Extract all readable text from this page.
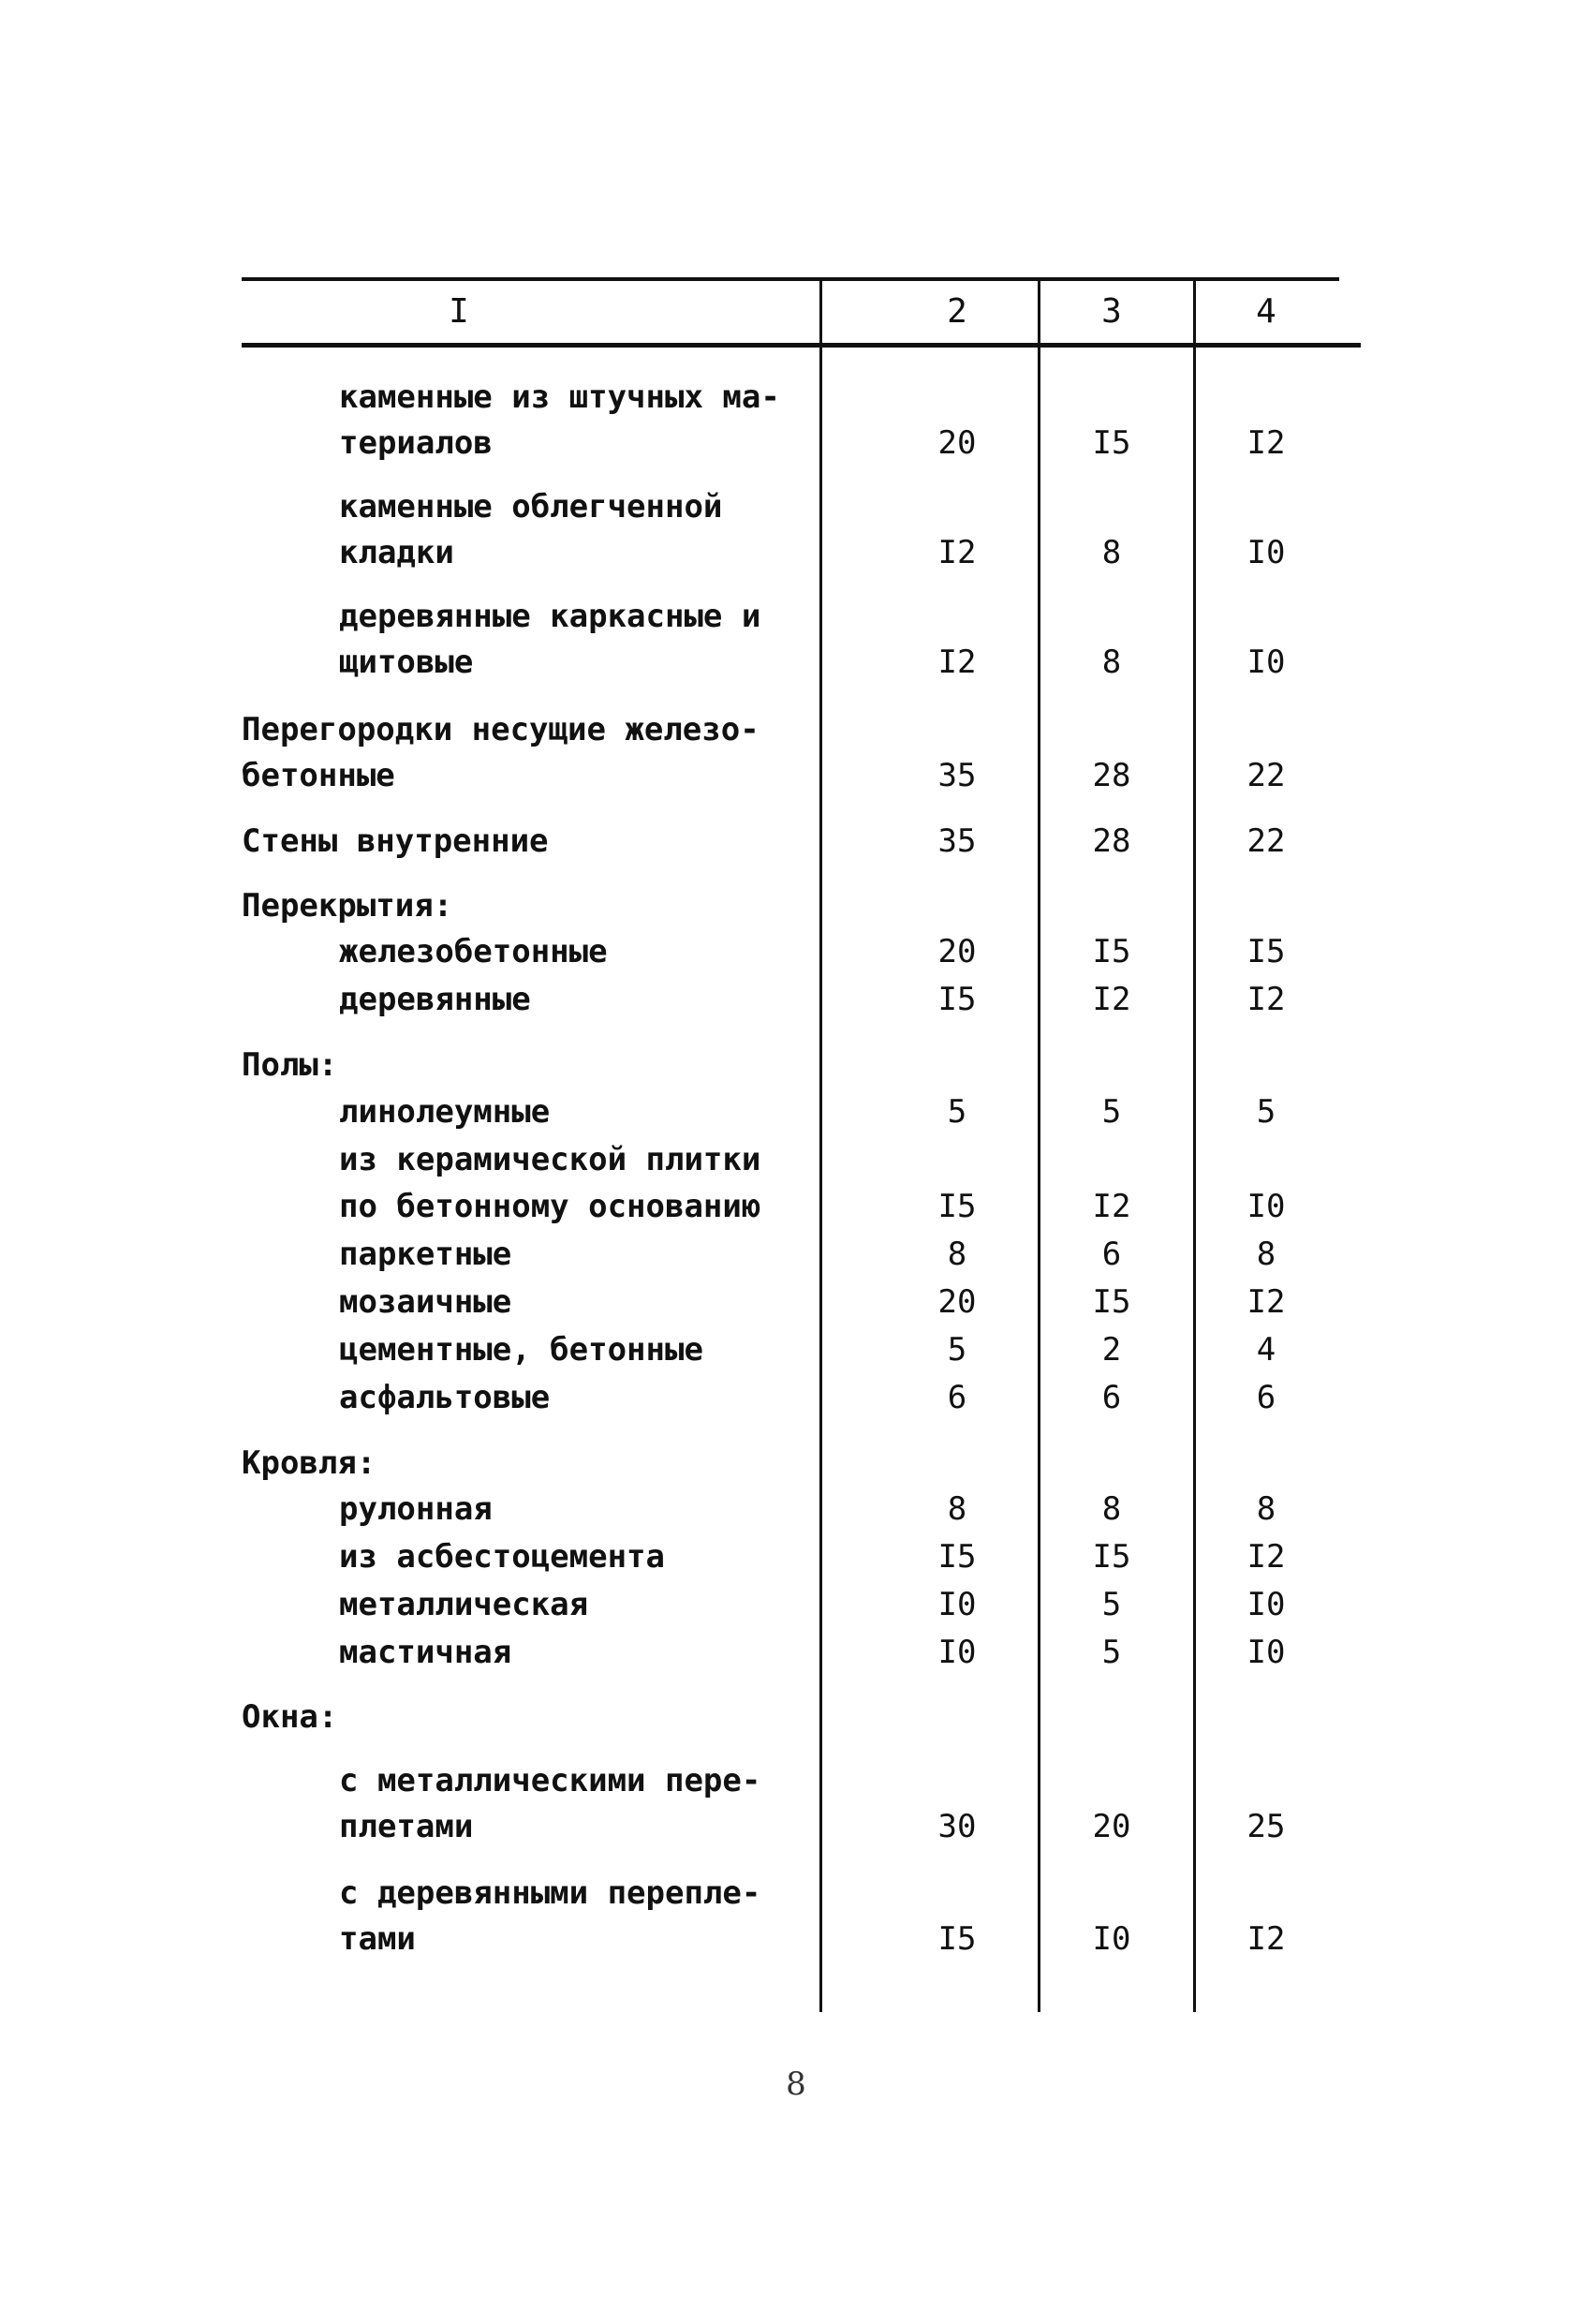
I	2	3	4
каменные из штучных ма-
териалов	20	I5	I2
каменные облегченной
кладки	I2	8	I0
деревянные каркасные и
щитовые	I2	8	I0
Перегородки несущие железо-
бетонные	35	28	22
Стены внутренние	35	28	22
Перекрытия:
железобетонные	20	I5	I5
деревянные	I5	I2	I2
Полы:
линолеумные	5	5	5
из керамической плитки
по бетонному основанию	I5	I2	I0
паркетные	8	6	8
мозаичные	20	I5	I2
цементные, бетонные	5	2	4
асфальтовые	6	6	6
Кровля:
рулонная	8	8	8
из асбестоцемента	I5	I5	I2
металлическая	I0	5	I0
мастичная	I0	5	I0
Окна:
с металлическими пере-
плетами	30	20	25
с деревянными перепле-
тами	I5	I0	I2
8
